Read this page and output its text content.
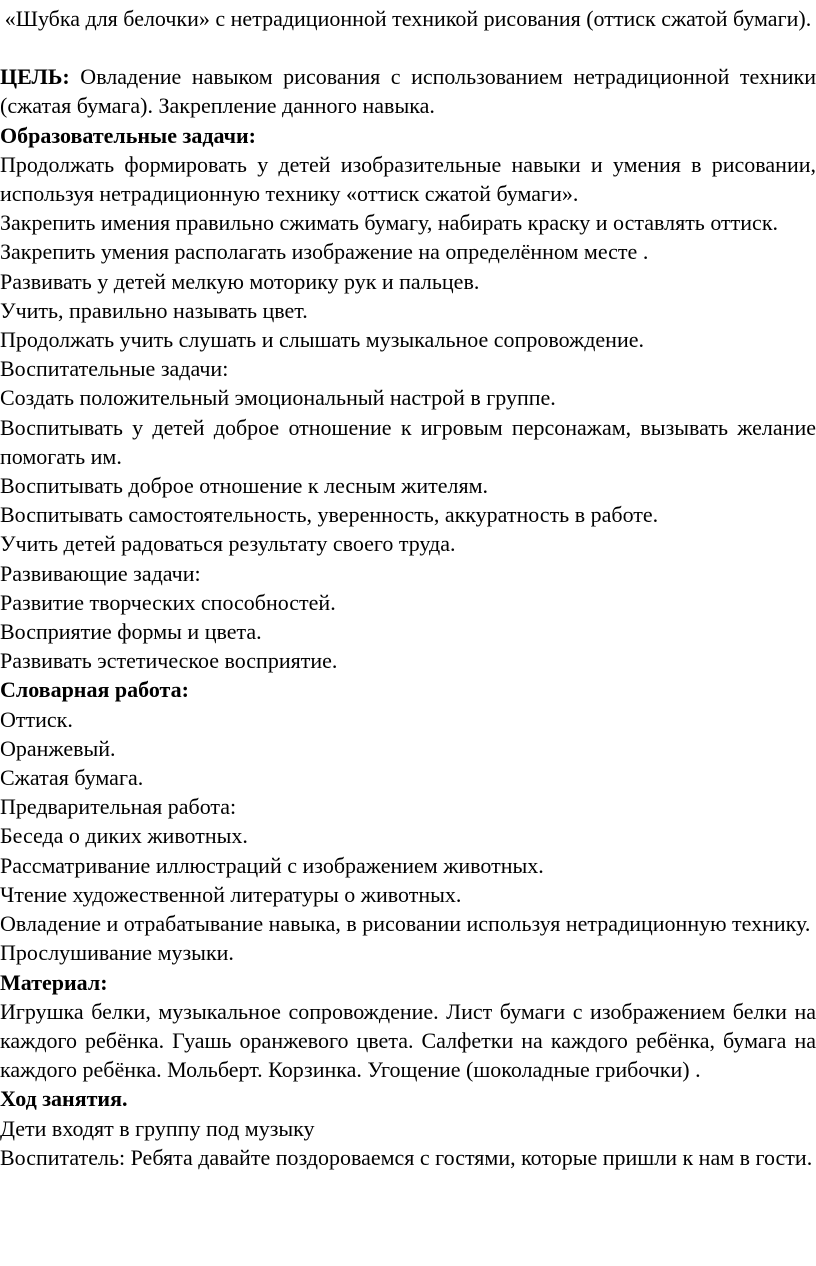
«Шубка для белочки» с нетрадиционной техникой рисования (оттиск сжатой бумаги).

ЦЕЛЬ: Овладение навыком рисования с использованием нетрадиционной техники (сжатая бумага). Закрепление данного навыка.

Образовательные задачи:

Продолжать формировать у детей изобразительные навыки и умения в рисовании, используя нетрадиционную технику «оттиск сжатой бумаги».

Закрепить имения правильно сжимать бумагу, набирать краску и оставлять оттиск.

Закрепить умения располагать изображение на определённом месте .

Развивать у детей мелкую моторику рук и пальцев.

Учить, правильно называть цвет.

Продолжать учить слушать и слышать музыкальное сопровождение.

Воспитательные задачи:

Создать положительный эмоциональный настрой в группе.

Воспитывать у детей доброе отношение к игровым персонажам, вызывать желание помогать им.

Воспитывать доброе отношение к лесным жителям.

Воспитывать самостоятельность, уверенность, аккуратность в работе.

Учить детей радоваться результату своего труда.

Развивающие задачи:

Развитие творческих способностей.

Восприятие формы и цвета.

Развивать эстетическое восприятие.

Словарная работа:

Оттиск.

Оранжевый.

Сжатая бумага.

Предварительная работа:

Беседа о диких животных.

Рассматривание иллюстраций с изображением животных.

Чтение художественной литературы о животных.

Овладение и отрабатывание навыка, в рисовании используя нетрадиционную технику.

Прослушивание музыки.

Материал:

Игрушка белки, музыкальное сопровождение. Лист бумаги с изображением белки на каждого ребёнка. Гуашь оранжевого цвета. Салфетки на каждого ребёнка, бумага на каждого ребёнка. Мольберт. Корзинка. Угощение (шоколадные грибочки) .

Ход занятия.

Дети входят в группу под музыку

Воспитатель: Ребята давайте поздороваемся с гостями, которые пришли к нам в гости.
